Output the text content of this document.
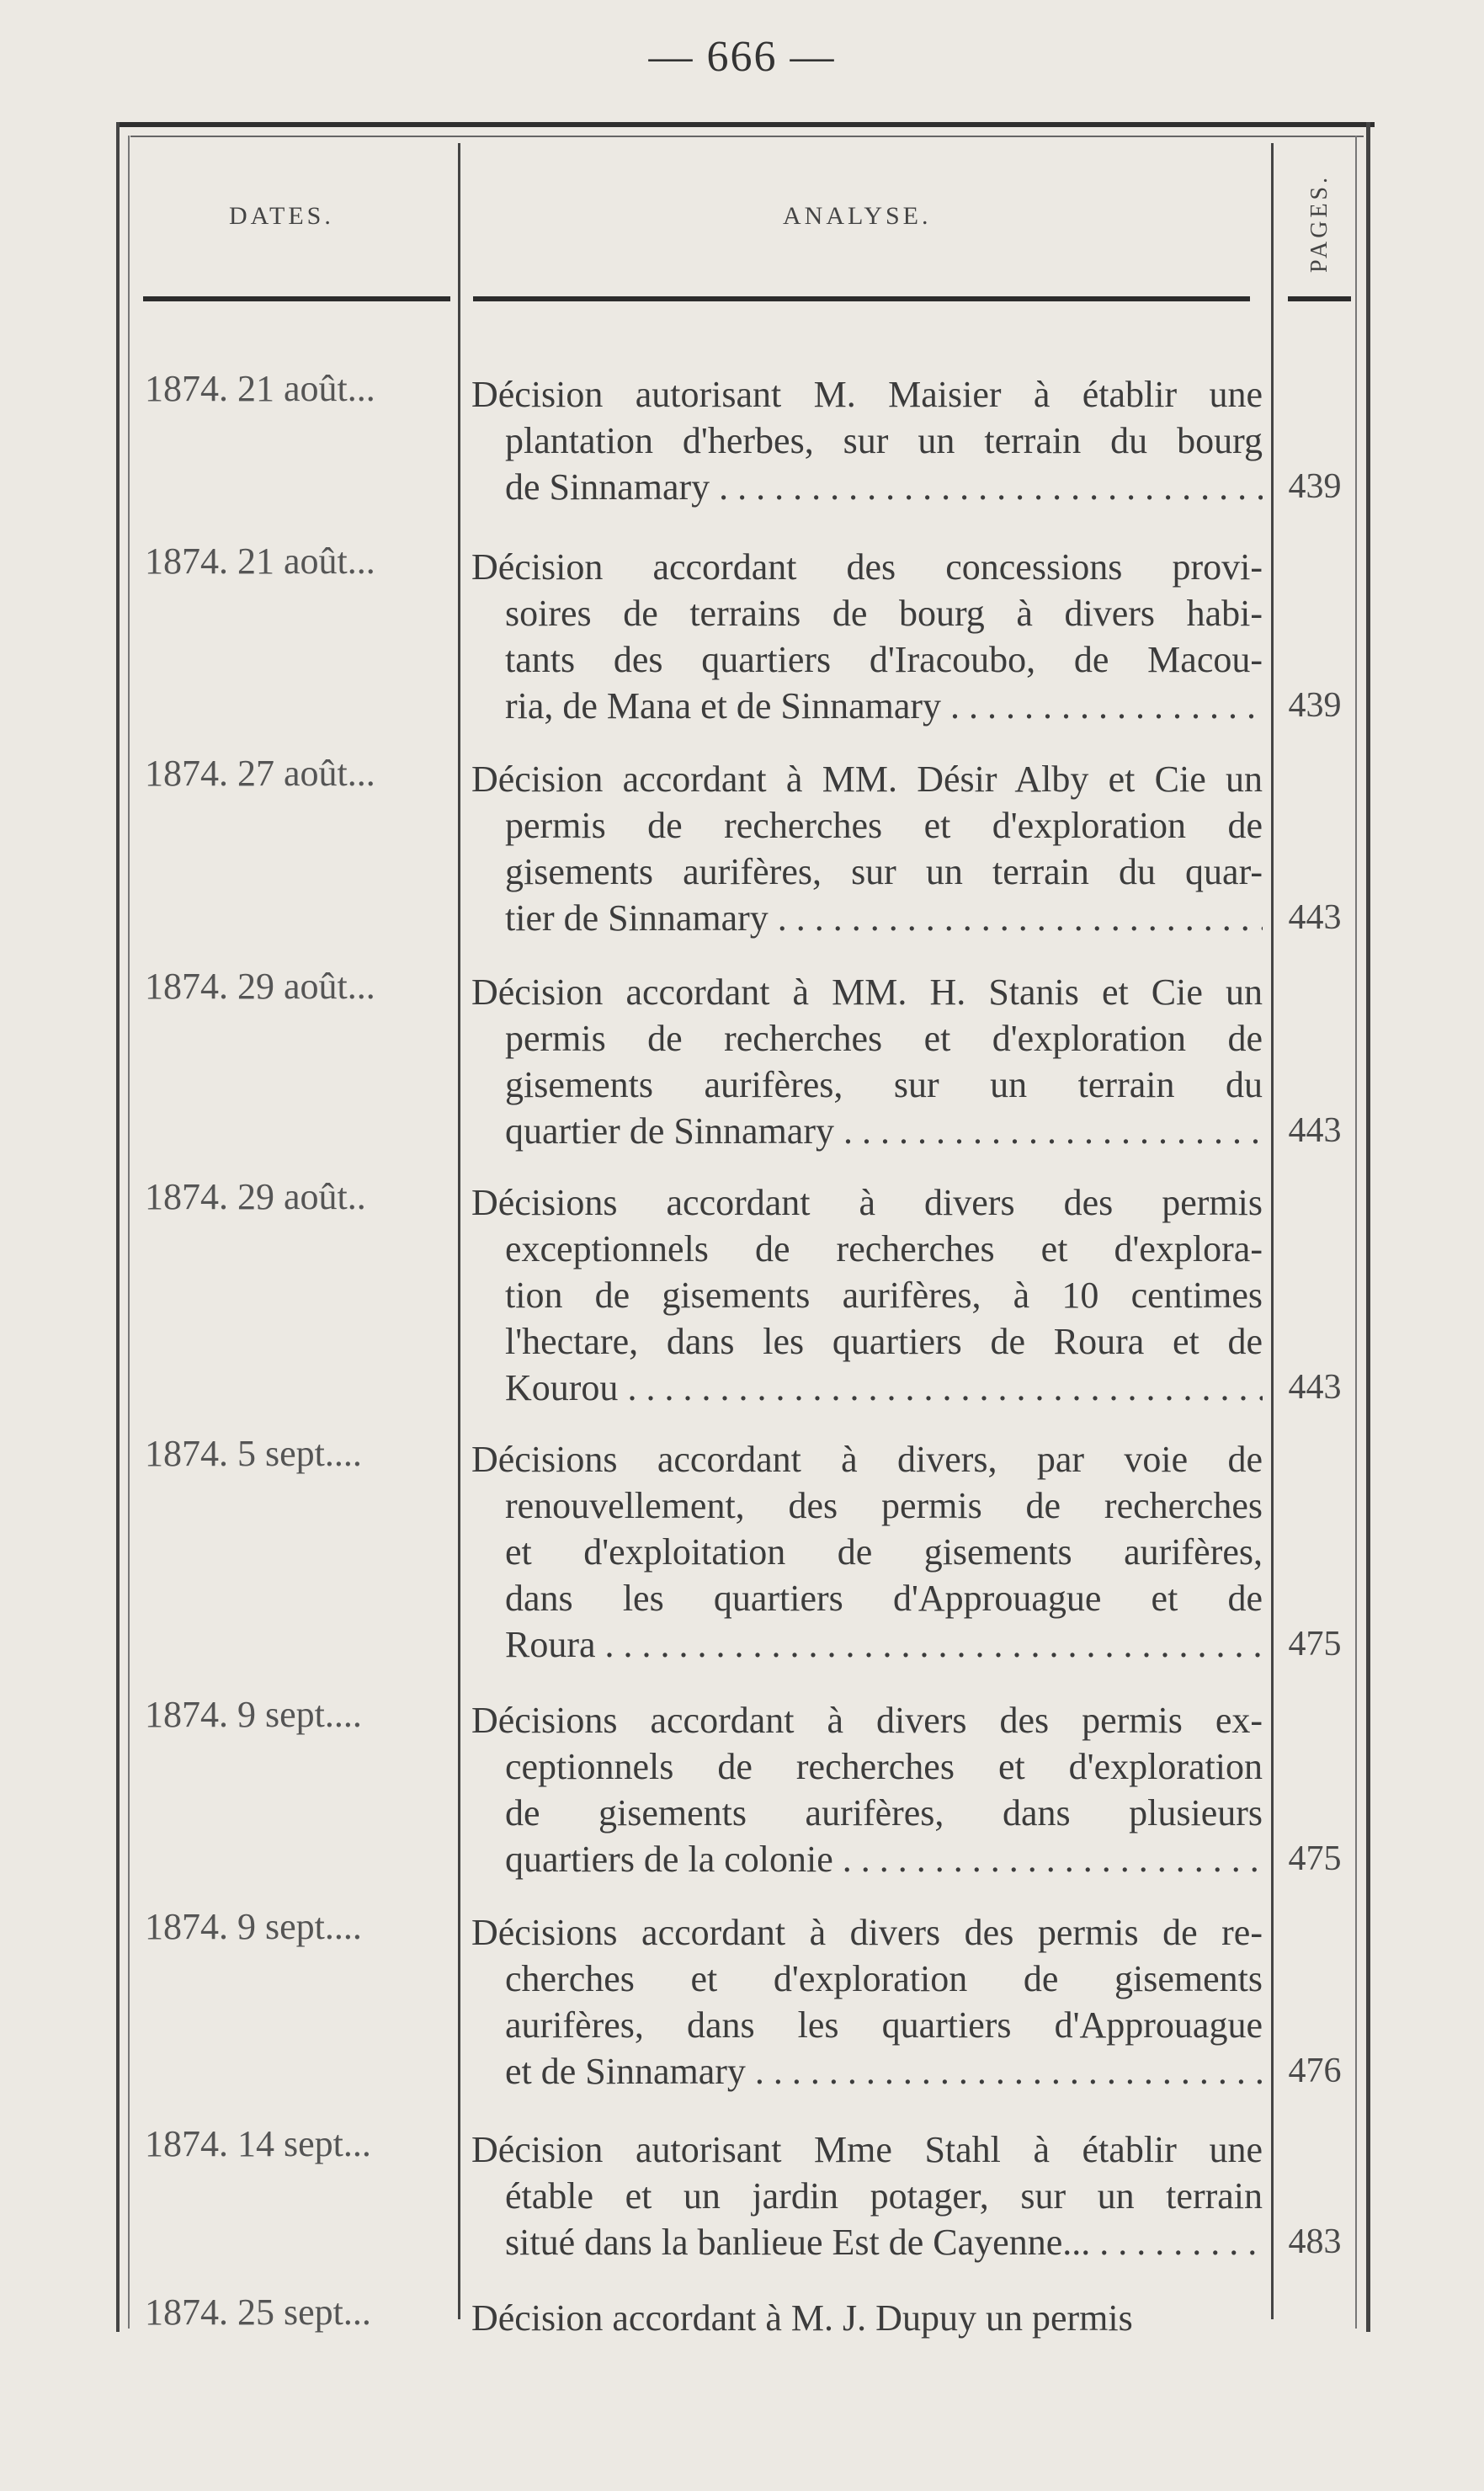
— 666 —
DATES.	ANALYSE.	PAGES.
1874. 21 août...	Décision autorisant M. Maisier à établir une
plantation d'herbes, sur un terrain du bourg
de Sinnamary . . .	439
1874. 21 août...	Décision accordant des concessions provi-
soires de terrains de bourg à divers habi-
tants des quartiers d'Iracoubo, de Macou-
ria, de Mana et de Sinnamary . . .	439
1874. 27 août...	Décision accordant à MM. Désir Alby et Cie un
permis de recherches et d'exploration de
gisements aurifères, sur un terrain du quar-
tier de Sinnamary . . .	443
1874. 29 août...	Décision accordant à MM. H. Stanis et Cie un
permis de recherches et d'exploration de
gisements aurifères, sur un terrain du
quartier de Sinnamary . . .	443
1874. 29 août..	Décisions accordant à divers des permis
exceptionnels de recherches et d'explora-
tion de gisements aurifères, à 10 centimes
l'hectare, dans les quartiers de Roura et de
Kourou . . .	443
1874. 5 sept....	Décisions accordant à divers, par voie de
renouvellement, des permis de recherches
et d'exploitation de gisements aurifères,
dans les quartiers d'Approuague et de
Roura . . .	475
1874. 9 sept....	Décisions accordant à divers des permis ex-
ceptionnels de recherches et d'exploration
de gisements aurifères, dans plusieurs
quartiers de la colonie . . .	475
1874. 9 sept....	Décisions accordant à divers des permis de re-
cherches et d'exploration de gisements
aurifères, dans les quartiers d'Approuague
et de Sinnamary . . .	476
1874. 14 sept...	Décision autorisant Mme Stahl à établir une
étable et un jardin potager, sur un terrain
situé dans la banlieue Est de Cayenne... . . .	483
1874. 25 sept...	Décision accordant à M. J. Dupuy un permis
